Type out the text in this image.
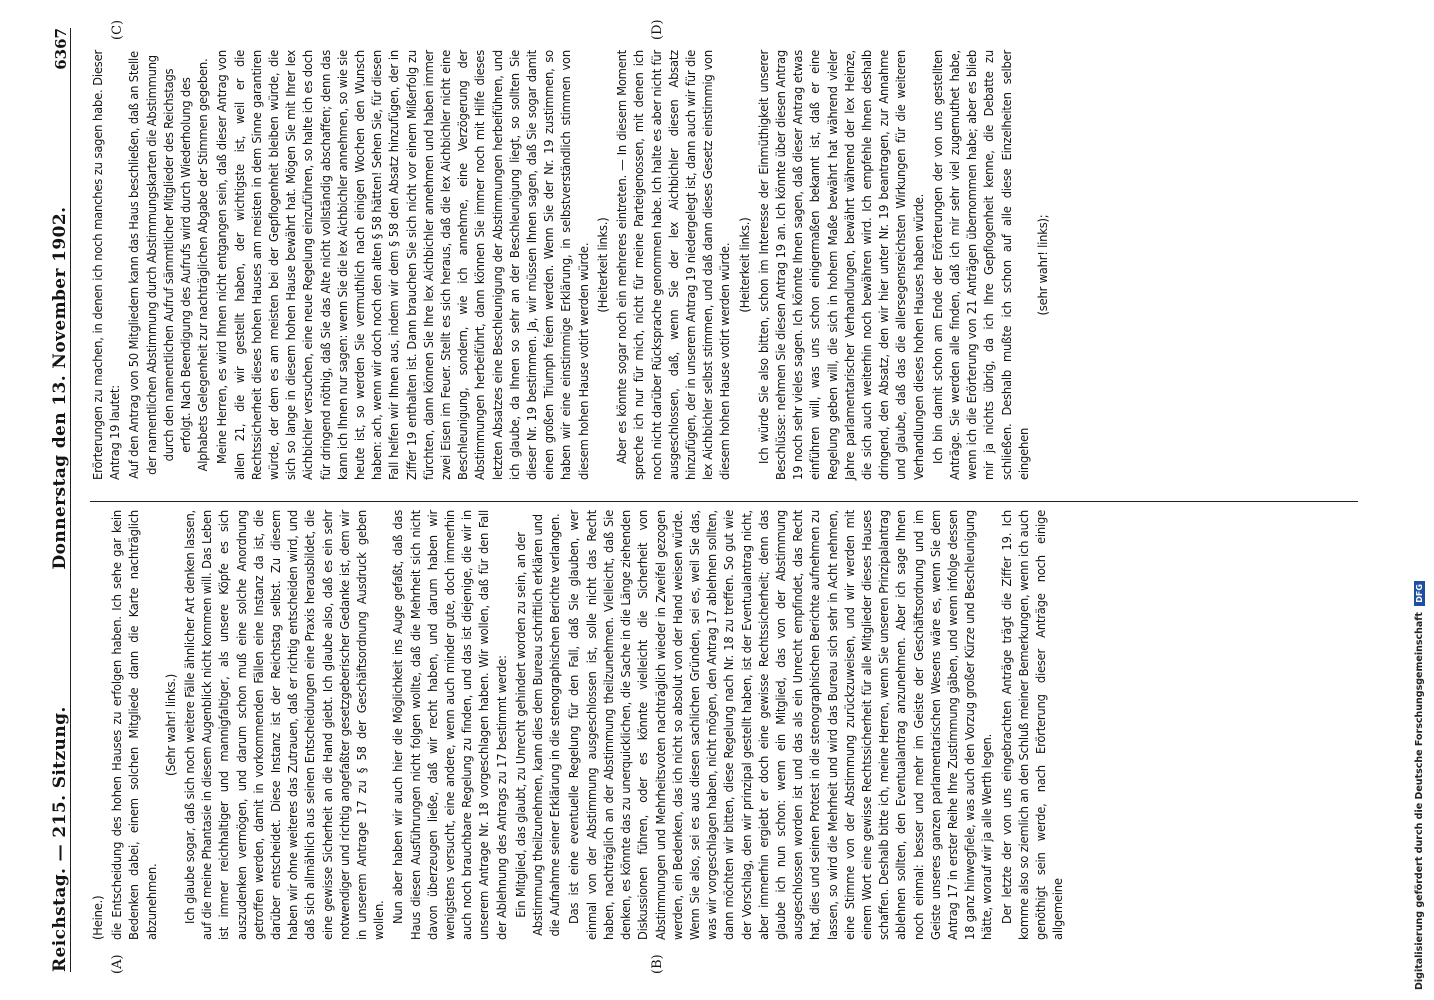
Reichstag. — 215. Sitzung.
Donnerstag den 13. November 1902.
6367
(A)	(B)
(C)	(D)

(Heine.) die Entscheidung des hohen Hauses zu erfolgen haben. Ich sehe gar kein Bedenken dabei, einem solchen Mitgliede dann die Karte nachträglich abzunehmen.

(Sehr wahr! links.) Ich glaube sogar, daß sich noch weitere Fälle ähnlicher Art denken lassen, auf die meine Phantasie in diesem Augenblick nicht kommen will. Das Leben ist immer reichhaltiger und mannigfaltiger, als unsere Köpfe es sich auszudenken vermögen, und darum schon muß eine solche Anordnung getroffen werden, damit in vorkommenden Fällen eine Instanz da ist, die darüber entscheidet. Diese Instanz ist der Reichstag selbst. Zu diesem haben wir ohne weiteres das Zutrauen, daß er richtig entscheiden wird, und daß sich allmählich aus seinen Entscheidungen eine Praxis herausbildet, die eine gewisse Sicherheit an die Hand giebt. Ich glaube also, daß es ein sehr notwendiger und richtig angefaßter gesetzgeberischer Gedanke ist, dem wir in unserem Antrage 17 zu § 58 der Geschäftsordnung Ausdruck geben wollen. Nun aber haben wir auch hier die Möglichkeit ins Auge gefaßt, daß das Haus diesen Ausführungen nicht folgen wollte, daß die Mehrheit sich nicht davon überzeugen ließe, daß wir recht haben, und darum haben wir wenigstens versucht, eine andere, wenn auch minder gute, doch immerhin auch noch brauchbare Regelung zu finden, und das ist diejenige, die wir in unserem Antrage Nr. 18 vorgeschlagen haben. Wir wollen, daß für den Fall der Ablehnung des Antrags zu 17 bestimmt werde: Ein Mitglied, das glaubt, zu Unrecht gehindert worden zu sein, an der Abstimmung theilzunehmen, kann dies dem Bureau schriftlich erklären und die Aufnahme seiner Erklärung in die stenographischen Berichte verlangen. Das ist eine eventuelle Regelung für den Fall, daß Sie glauben, wer einmal von der Abstimmung ausgeschlossen ist, solle nicht das Recht haben, nachträglich an der Abstimmung theilzunehmen. Vielleicht, daß Sie denken, es könnte das zu unerquicklichen, die Sache in die Länge ziehenden Diskussionen führen, oder es könnte vielleicht die Sicherheit von Abstimmungen und Mehrheitsvoten nachträglich wieder in Zweifel gezogen werden, ein Bedenken, das ich nicht so absolut von der Hand weisen würde. Wenn Sie also, sei es aus diesen sachlichen Gründen, sei es, weil Sie das, was wir vorgeschlagen haben, nicht mögen, den Antrag 17 ablehnen sollten, dann möchten wir bitten, diese Regelung nach Nr. 18 zu treffen. So gut wie der Vorschlag, den wir prinzipal gestellt haben, ist der Eventualantrag nicht, aber immerhin ergiebt er doch eine gewisse Rechtssicherheit; denn das glaube ich nun schon: wenn ein Mitglied, das von der Abstimmung ausgeschlossen worden ist und das als ein Unrecht empfindet, das Recht hat, dies und seinen Protest in die stenographischen Berichte aufnehmen zu lassen, so wird die Mehrheit und wird das Bureau sich sehr in Acht nehmen, eine Stimme von der Abstimmung zurückzuweisen, und wir werden mit einem Wort eine gewisse Rechtssicherheit für alle Mitglieder dieses Hauses schaffen. Deshalb bitte ich, meine Herren, wenn Sie unseren Prinzipalantrag ablehnen sollten, den Eventualantrag anzunehmen. Aber ich sage Ihnen noch einmal: besser und mehr im Geiste der Geschäftsordnung und im Geiste unseres ganzen parlamentarischen Wesens wäre es, wenn Sie dem Antrag 17 in erster Reihe Ihre Zustimmung gäben, und wenn infolge dessen 18 ganz hinwegfiele, was auch den Vorzug großer Kürze und Beschleunigung hätte, worauf wir ja alle Werth legen. Der letzte der von uns eingebrachten Anträge trägt die Ziffer 19. Ich komme also so ziemlich an den Schluß meiner Bemerkungen, wenn ich auch genöthigt sein werde, nach Erörterung dieser Anträge noch einige allgemeine

Erörterungen zu machen, in denen ich noch manches zu sagen habe. Dieser Antrag 19 lautet: Auf den Antrag von 50 Mitgliedern kann das Haus beschließen, daß an Stelle der namentlichen Abstimmung durch Abstimmungskarten die Abstimmung durch den namentlichen Aufruf sämmtlicher Mitglieder des Reichstags erfolgt. Nach Beendigung des Aufrufs wird durch Wiederholung des Alphabets Gelegenheit zur nachträglichen Abgabe der Stimmen gegeben. Meine Herren, es wird Ihnen nicht entgangen sein, daß dieser Antrag von allen 21, die wir gestellt haben, der wichtigste ist, weil er die Rechtssicherheit dieses hohen Hauses am meisten in dem Sinne garantiren würde, der dem es am meisten bei der Gepflogenheit bleiben würde, die sich so lange in diesem hohen Hause bewährt hat. Mögen Sie mit Ihrer lex Aichbichler versuchen, eine neue Regelung einzuführen, so halte ich es doch für dringend nöthig, daß Sie das Alte nicht vollständig abschaffen; denn das kann ich Ihnen nur sagen: wenn Sie die lex Aichbichler annehmen, so wie sie heute ist, so werden Sie vermuthlich nach einigen Wochen den Wunsch haben: ach, wenn wir doch noch den alten § 58 hätten! Sehen Sie, für diesen Fall helfen wir Ihnen aus, indem wir dem § 58 den Absatz hinzufügen, der in Ziffer 19 enthalten ist. Dann brauchen Sie sich nicht vor einem Mißerfolg zu fürchten, dann können Sie Ihre lex Aichbichler annehmen und haben immer zwei Eisen im Feuer. Stellt es sich heraus, daß die lex Aichbichler nicht eine Beschleunigung, sondern, wie ich annehme, eine Verzögerung der Abstimmungen herbeiführt, dann können Sie immer noch mit Hilfe dieses letzten Absatzes eine Beschleunigung der Abstimmungen herbeiführen, und ich glaube, da Ihnen so sehr an der Beschleunigung liegt, so sollten Sie dieser Nr. 19 bestimmen. Ja, wir müssen Ihnen sagen, daß Sie sogar damit einen großen Triumph feiern werden. Wenn Sie der Nr. 19 zustimmen, so haben wir eine einstimmige Erklärung, in selbstverständlich stimmen von diesem hohen Hause votirt werden würde. (Heiterkeit links.) Aber es könnte sogar noch ein mehreres eintreten. — In diesem Moment spreche ich nur für mich, nicht für meine Parteigenossen, mit denen ich noch nicht darüber Rücksprache genommen habe. Ich halte es aber nicht für ausgeschlossen, daß, wenn Sie der lex Aichbichler diesen Absatz hinzufügen, der in unserem Antrag 19 niedergelegt ist, dann auch wir für die lex Aichbichler selbst stimmen, und daß dann dieses Gesetz einstimmig von diesem hohen Hause votirt werden würde. (Heiterkeit links.) Ich würde Sie also bitten, schon im Interesse der Einmüthigkeit unserer Beschlüsse: nehmen Sie diesen Antrag 19 an. Ich könnte über diesen Antrag 19 noch sehr vieles sagen. Ich könnte Ihnen sagen, daß dieser Antrag etwas einführen will, was uns schon einigermaßen bekannt ist, daß er eine Regelung geben will, die sich in hohem Maße bewährt hat während vieler Jahre parlamentarischer Verhandlungen, bewährt während der lex Heinze, die sich auch weiterhin noch bewähren wird. Ich empfehle Ihnen deshalb dringend, den Absatz, den wir hier unter Nr. 19 beantragen, zur Annahme und glaube, daß das die allersegensreichsten Wirkungen für die weiteren Verhandlungen dieses hohen Hauses haben würde. Ich bin damit schon am Ende der Erörterungen der von uns gestellten Anträge. Sie werden alle finden, daß ich mir sehr viel zugemuthet habe, wenn ich die Erörterung von 21 Anträgen übernommen habe; aber es blieb mir ja nichts übrig, da ich Ihre Gepflogenheit kenne, die Debatte zu schließen. Deshalb mußte ich schon auf alle diese Einzelheiten selber eingehen

(sehr wahr! links);

Digitalisierung gefördert durch die Deutsche Forschungsgemeinschaft DFG
